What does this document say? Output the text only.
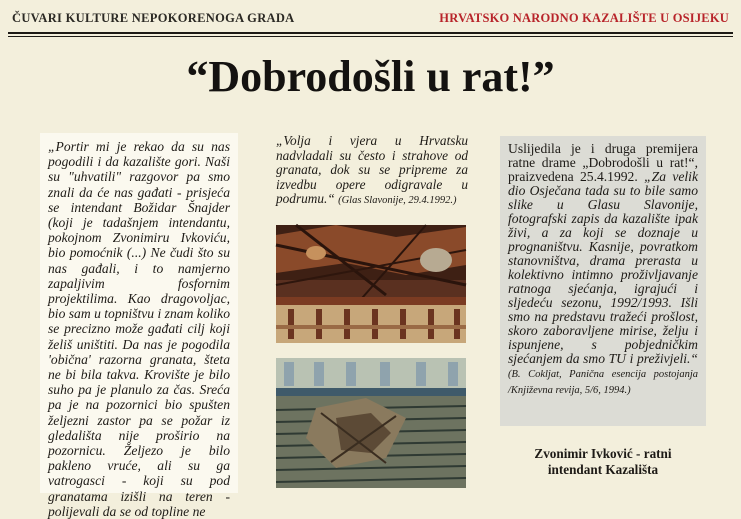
ČUVARI KULTURE NEPOKORENOGA GRADA	HRVATSKO NARODNO KAZALIŠTE U OSIJEKU
“Dobrodošli u rat!”
„Portir mi je rekao da su nas pogodili i da kazalište gori. Naši su "uhvatili" razgovor pa smo znali da će nas gađati - prisjeća se intendant Božidar Šnajder (koji je tadašnjem intendantu, pokojnom Zvonimiru Ivkoviću, bio pomoćnik (...) Ne čudi što su nas gađali, i to namjerno zapaljivim fosfornim projektilima. Kao dragovoljac, bio sam u topništvu i znam koliko se precizno može gađati cilj koji želiš uništiti. Da nas je pogodila 'obična' razorna granata, šteta ne bi bila takva. Krovište je bilo suho pa je planulo za čas. Sreća pa je na pozornici bio spušten željezni zastor pa se požar iz gledališta nije proširio na pozornicu. Željezo je bilo pakleno vruće, ali su ga vatrogasci - koji su pod granatama izišli na teren - polijevali da se od topline ne
„Volja i vjera u Hrvatsku nadvladali su često i strahove od granata, dok su se pripreme za izvedbu opere odigravale u podrumu.“ (Glas Slavonije, 29.4.1992.)
Uslijedila je i druga premijera ratne drame „Dobrodošli u rat!“, praizvedena 25.4.1992. „Za velik dio Osječana tada su to bile samo slike u Glasu Slavonije, fotografski zapis da kazalište ipak živi, a za koji se doznaje u prognaništvu. Kasnije, povratkom stanovništva, drama prerasta u kolektivno intimno proživljavanje ratnoga sjećanja, igrajući i sljedeću sezonu, 1992/1993. Išli smo na predstavu tražeći prošlost, skoro zaboravljene mirise, želju i ispunjene, s pobjedničkim sjećanjem da smo TU i preživjeli.“ (B. Cokljat, Panična esencija postojanja /Književna revija, 5/6, 1994.)
Zvonimir Ivković - ratni
intendant Kazališta
